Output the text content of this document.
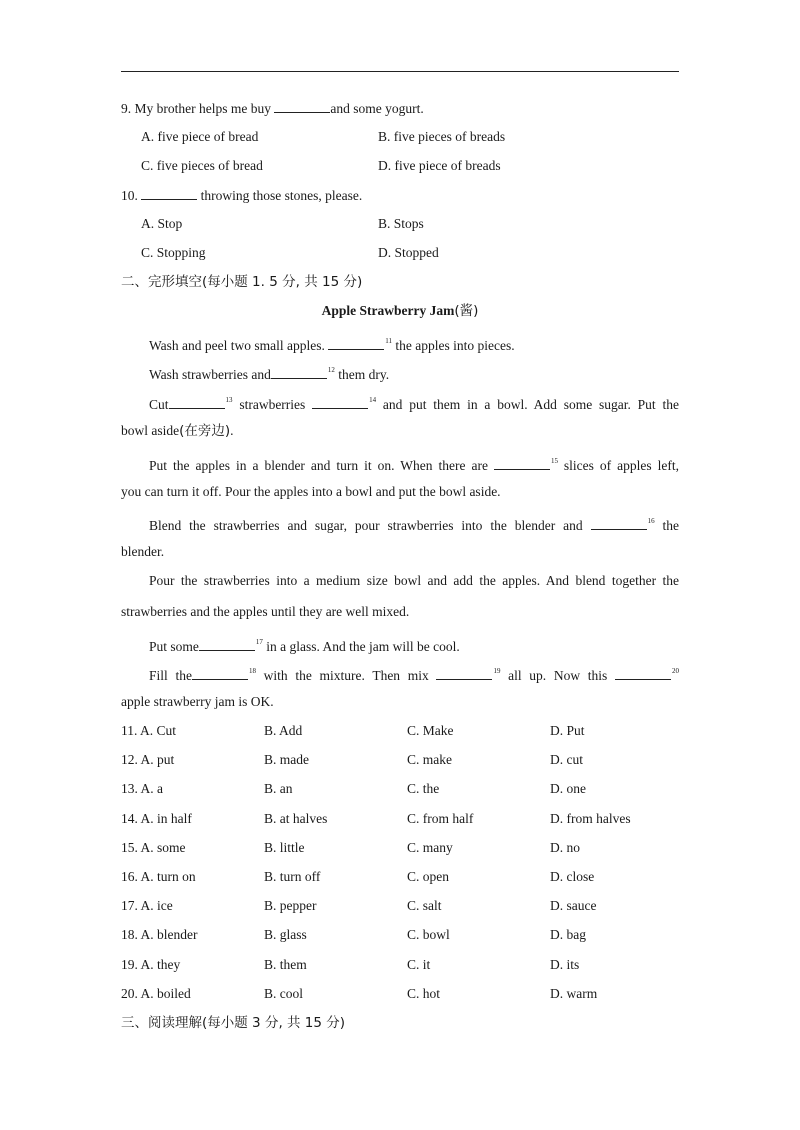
9. My brother helps me buy	and some yogurt.
A. five piece of bread	B. five pieces of breads
C. five pieces of bread	D. five piece of breads
10.	throwing those stones, please.
A. Stop	B. Stops
C. Stopping	D. Stopped
二、完形填空(每小题 1. 5 分, 共 15 分)
Apple Strawberry Jam(酱)
Wash and peel two small apples.	$^{11}$ the apples into pieces.
Wash strawberries and	$^{12}$ them dry.
Cut	$^{13}$ strawberries	$^{14}$ and put them in a bowl. Add some sugar. Put the
bowl aside(在旁边).
Put the apples in a blender and turn it on. When there are	$^{15}$ slices of apples left,
you can turn it off. Pour the apples into a bowl and put the bowl aside.
Blend the strawberries and sugar, pour strawberries into the blender and	$^{16}$ the
blender.
Pour the strawberries into a medium size bowl and add the apples. And blend together the
strawberries and the apples until they are well mixed.
Put some	$^{17}$ in a glass. And the jam will be cool.
Fill the	$^{18}$ with the mixture. Then mix	$^{19}$ all up. Now this	$^{20}$
apple strawberry jam is OK.
11. A. Cut	B. Add	C. Make	D. Put
12. A. put	B. made	C. make	D. cut
13. A. a	B. an	C. the	D. one
14. A. in half	B. at halves	C. from half	D. from halves
15. A. some	B. little	C. many	D. no
16. A. turn on	B. turn off	C. open	D. close
17. A. ice	B. pepper	C. salt	D. sauce
18. A. blender	B. glass	C. bowl	D. bag
19. A. they	B. them	C. it	D. its
20. A. boiled	B. cool	C. hot	D. warm
三、阅读理解(每小题 3 分, 共 15 分)
